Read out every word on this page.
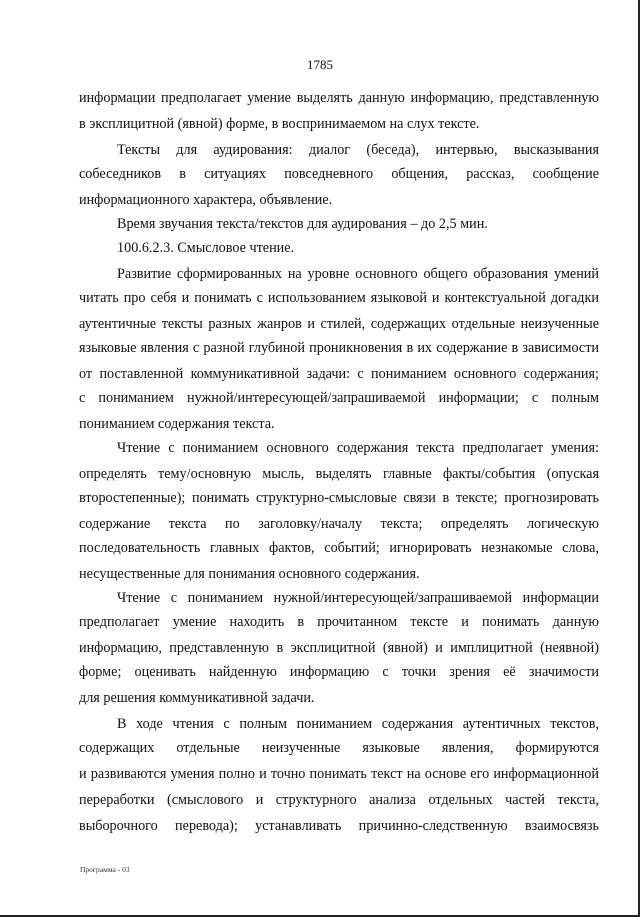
1785
информации предполагает умение выделять данную информацию, представленную
в эксплицитной (явной) форме, в воспринимаемом на слух тексте.
Тексты для аудирования: диалог (беседа), интервью, высказывания
собеседников в ситуациях повседневного общения, рассказ, сообщение
информационного характера, объявление.
Время звучания текста/текстов для аудирования – до 2,5 мин.
100.6.2.3. Смысловое чтение.
Развитие сформированных на уровне основного общего образования умений
читать про себя и понимать с использованием языковой и контекстуальной догадки
аутентичные тексты разных жанров и стилей, содержащих отдельные неизученные
языковые явления с разной глубиной проникновения в их содержание в зависимости
от поставленной коммуникативной задачи: с пониманием основного содержания;
с пониманием нужной/интересующей/запрашиваемой информации; с полным
пониманием содержания текста.
Чтение с пониманием основного содержания текста предполагает умения:
определять тему/основную мысль, выделять главные факты/события (опуская
второстепенные); понимать структурно-смысловые связи в тексте; прогнозировать
содержание текста по заголовку/началу текста; определять логическую
последовательность главных фактов, событий; игнорировать незнакомые слова,
несущественные для понимания основного содержания.
Чтение с пониманием нужной/интересующей/запрашиваемой информации
предполагает умение находить в прочитанном тексте и понимать данную
информацию, представленную в эксплицитной (явной) и имплицитной (неявной)
форме; оценивать найденную информацию с точки зрения её значимости
для решения коммуникативной задачи.
В ходе чтения с полным пониманием содержания аутентичных текстов,
содержащих отдельные неизученные языковые явления, формируются
и развиваются умения полно и точно понимать текст на основе его информационной
переработки (смыслового и структурного анализа отдельных частей текста,
выборочного перевода); устанавливать причинно-следственную взаимосвязь
Программа - 03
